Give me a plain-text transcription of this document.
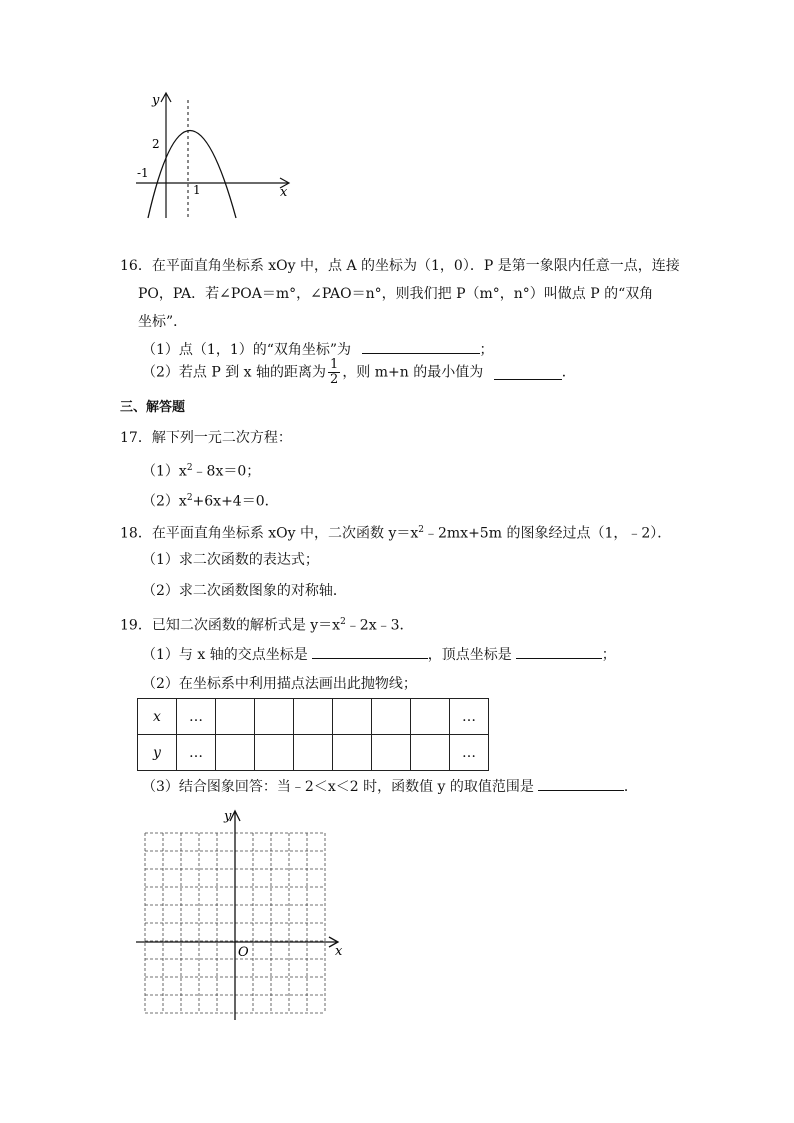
y
x
2
-1
1
16．在平面直角坐标系 xOy 中，点 A 的坐标为（1，0）．P 是第一象限内任意一点，连接
PO，PA．若∠POA＝m°，∠PAO＝n°，则我们把 P（m°，n°）叫做点 P 的“双角
坐标”．
（1）点（1，1）的“双角坐标”为	；
（2）若点 P 到 x 轴的距离为 $\frac{1}{2}$ ，则 m+n 的最小值为	．
三、解答题
17．解下列一元二次方程：
$(1)x^2﹣8x=0$；
$(2)x^2+6x+4=0$．
18．在平面直角坐标系 xOy 中，二次函数 $y=x^2﹣2mx+5m$ 的图象经过点（1，﹣2）．
（1）求二次函数的表达式；
（2）求二次函数图象的对称轴．
19．已知二次函数的解析式是 $y=x^2﹣2x﹣3$．
（1）与 x 轴的交点坐标是	，顶点坐标是	；
（2）在坐标系中利用描点法画出此抛物线；
x	…							…
y	…							…
（3）结合图象回答：当﹣2＜x＜2 时，函数值 y 的取值范围是	．
y
x
O
